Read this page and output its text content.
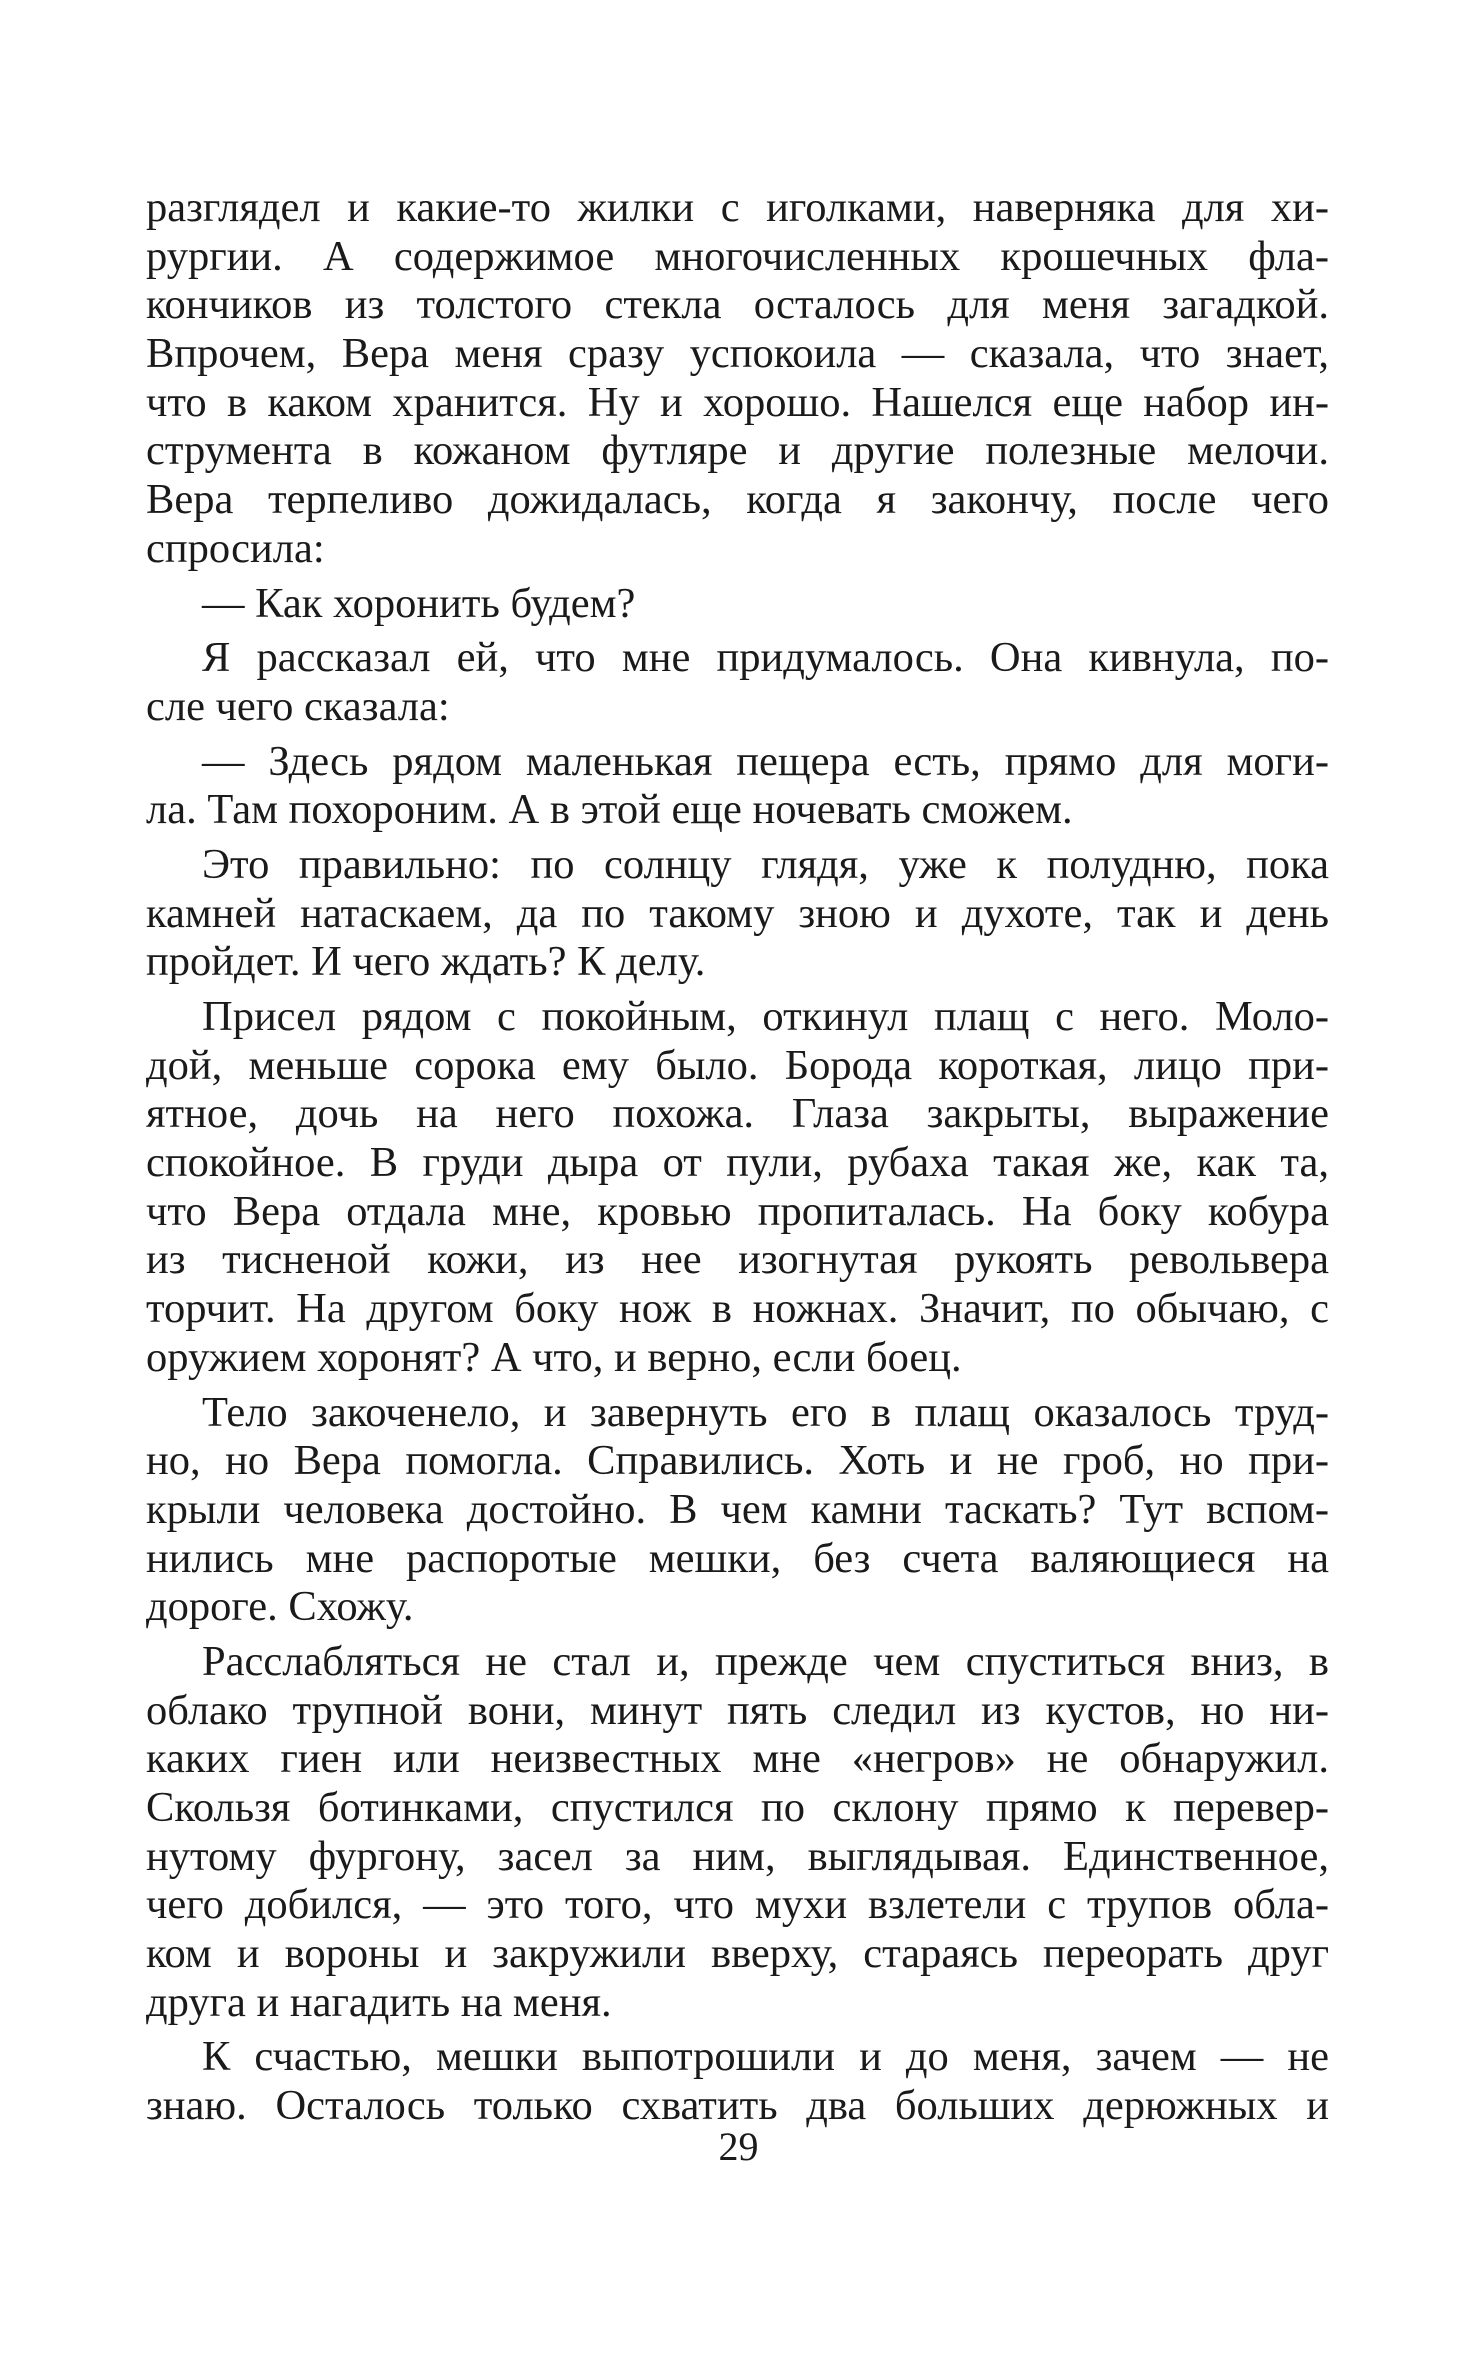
разглядел и какие-то жилки с иголками, наверняка для хи-
рургии. А содержимое многочисленных крошечных фла-
кончиков из толстого стекла осталось для меня загадкой.
Впрочем, Вера меня сразу успокоила — сказала, что знает,
что в каком хранится. Ну и хорошо. Нашелся еще набор ин-
струмента в кожаном футляре и другие полезные мелочи.
Вера терпеливо дожидалась, когда я закончу, после чего
спросила:
— Как хоронить будем?
Я рассказал ей, что мне придумалось. Она кивнула, по-
сле чего сказала:
— Здесь рядом маленькая пещера есть, прямо для моги-
ла. Там похороним. А в этой еще ночевать сможем.
Это правильно: по солнцу глядя, уже к полудню, пока
камней натаскаем, да по такому зною и духоте, так и день
пройдет. И чего ждать? К делу.
Присел рядом с покойным, откинул плащ с него. Моло-
дой, меньше сорока ему было. Борода короткая, лицо при-
ятное, дочь на него похожа. Глаза закрыты, выражение
спокойное. В груди дыра от пули, рубаха такая же, как та,
что Вера отдала мне, кровью пропиталась. На боку кобура
из тисненой кожи, из нее изогнутая рукоять револьвера
торчит. На другом боку нож в ножнах. Значит, по обычаю, с
оружием хоронят? А что, и верно, если боец.
Тело закоченело, и завернуть его в плащ оказалось труд-
но, но Вера помогла. Справились. Хоть и не гроб, но при-
крыли человека достойно. В чем камни таскать? Тут вспом-
нились мне распоротые мешки, без счета валяющиеся на
дороге. Схожу.
Расслабляться не стал и, прежде чем спуститься вниз, в
облако трупной вони, минут пять следил из кустов, но ни-
каких гиен или неизвестных мне «негров» не обнаружил.
Скользя ботинками, спустился по склону прямо к перевер-
нутому фургону, засел за ним, выглядывая. Единственное,
чего добился, — это того, что мухи взлетели с трупов обла-
ком и вороны и закружили вверху, стараясь переорать друг
друга и нагадить на меня.
К счастью, мешки выпотрошили и до меня, зачем — не
знаю. Осталось только схватить два больших дерюжных и
29
